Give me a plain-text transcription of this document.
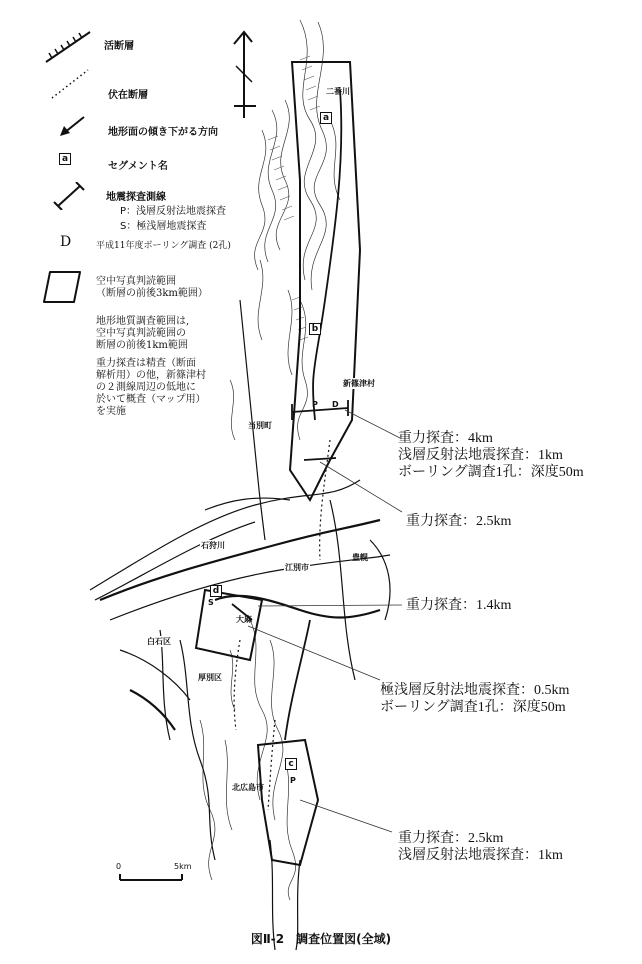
活断層
伏在断層
地形面の傾き下がる方向
a
セグメント名
地震探査測線
P：浅層反射法地震探査
S：極浅層地震探査
D	平成11年度ボーリング調査 (2孔)
空中写真判読範囲
（断層の前後3km範囲）
地形地質調査範囲は,
空中写真判読範囲の
断層の前後1km範囲
重力探査は精査（断面
解析用）の他，新篠津村
の２測線周辺の低地に
於いて概査（マップ用）
を実施
a
b
c
d
二番川
新篠津村
当別町
P D
石狩川
江別市
豊幌
大麻
S
白石区
厚別区
北広島市
P
重力探査：4km
浅層反射法地震探査：1km
ボーリング調査1孔：深度50m
重力探査：2.5km
重力探査：1.4km
極浅層反射法地震探査：0.5km
ボーリング調査1孔：深度50m
重力探査：2.5km
浅層反射法地震探査：1km
0	5km
図Ⅱ-2　調査位置図(全域)
